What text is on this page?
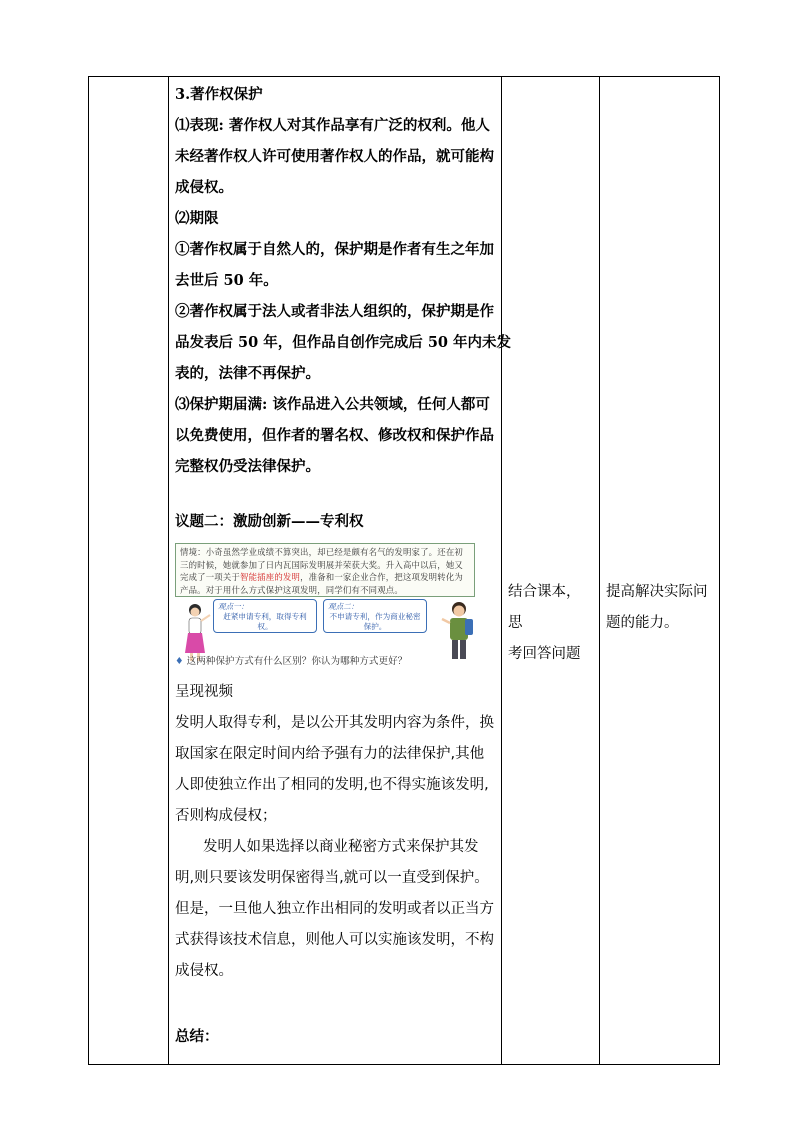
3.著作权保护
⑴表现: 著作权人对其作品享有广泛的权利。他人
未经著作权人许可使用著作权人的作品，就可能构
成侵权。
⑵期限
①著作权属于自然人的，保护期是作者有生之年加
去世后 50 年。
②著作权属于法人或者非法人组织的，保护期是作
品发表后 50 年，但作品自创作完成后 50 年内未发
表的，法律不再保护。
⑶保护期届满: 该作品进入公共领域，任何人都可
以免费使用，但作者的署名权、修改权和保护作品
完整权仍受法律保护。
议题二：激励创新——专利权
情境：小奇虽然学业成绩不算突出，却已经是颇有名气的发明家了。还在初三的时候，她就参加了日内瓦国际发明展并荣获大奖。升入高中以后，她又完成了一项关于智能插座的发明，准备和一家企业合作，把这项发明转化为产品。对于用什么方式保护这项发明，同学们有不同观点。
观点一：
赶紧申请专利，取得专利权。
观点二：
不申请专利，作为商业秘密保护。
♦ 这两种保护方式有什么区别？你认为哪种方式更好？
呈现视频
发明人取得专利，是以公开其发明内容为条件，换
取国家在限定时间内给予强有力的法律保护,其他
人即使独立作出了相同的发明,也不得实施该发明,
否则构成侵权；
发明人如果选择以商业秘密方式来保护其发
明,则只要该发明保密得当,就可以一直受到保护。
但是，一旦他人独立作出相同的发明或者以正当方
式获得该技术信息，则他人可以实施该发明，不构
成侵权。
总结：

结合课本，思
考回答问题

提高解决实际问
题的能力。
